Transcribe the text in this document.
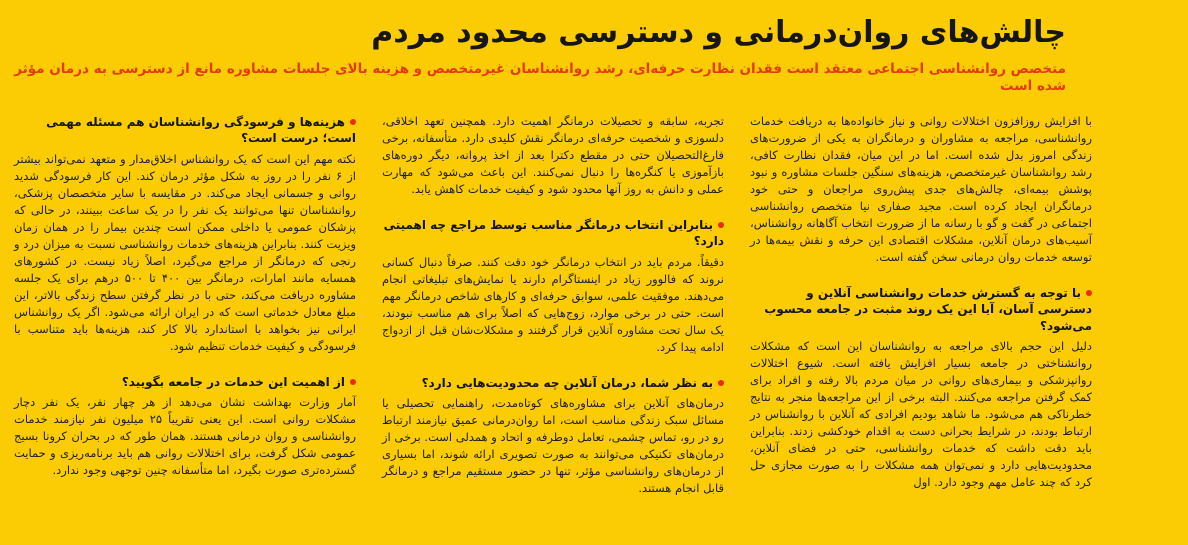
چالش‌های روان‌درمانی و دسترسی محدود مردم

متخصص روانشناسی اجتماعی معتقد است فقدان نظارت حرفه‌ای، رشد روانشناسان غیرمتخصص و هزینه بالای جلسات مشاوره مانع از دسترسی به درمان مؤثر شده است

با افزایش روزافزون اختلالات روانی و نیاز خانواده‌ها به دریافت خدمات روانشناسی، مراجعه به مشاوران و درمانگران به یکی از ضرورت‌های زندگی امروز بدل شده است. اما در این میان، فقدان نظارت کافی، رشد روانشناسان غیرمتخصص، هزینه‌های سنگین جلسات مشاوره و نبود پوشش بیمه‌ای، چالش‌های جدی پیش‌روی مراجعان و حتی خود درمانگران ایجاد کرده است. مجید صفاری نیا متخصص روانشناسی اجتماعی در گفت و گو با رسانه ما از ضرورت انتخاب آگاهانه روانشناس، آسیب‌های درمان آنلاین، مشکلات اقتصادی این حرفه و نقش بیمه‌ها در توسعه خدمات روان درمانی سخن گفته است.

با توجه به گسترش خدمات روانشناسی آنلاین و دسترسی آسان، آیا این یک روند مثبت در جامعه محسوب می‌شود؟

دلیل این حجم بالای مراجعه به روانشناسان این است که مشکلات روانشناختی در جامعه بسیار افزایش یافته است. شیوع اختلالات روانپزشکی و بیماری‌های روانی در میان مردم بالا رفته و افراد برای کمک گرفتن مراجعه می‌کنند. البته برخی از این مراجعه‌ها منجر به نتایج خطرناکی هم می‌شود. ما شاهد بودیم افرادی که آنلاین با روانشناس در ارتباط بودند، در شرایط بحرانی دست به اقدام خودکشی زدند. بنابراین باید دقت داشت که خدمات روانشناسی، حتی در فضای آنلاین، محدودیت‌هایی دارد و نمی‌توان همه مشکلات را به صورت مجازی حل کرد که چند عامل مهم وجود دارد. اول

تجربه، سابقه و تحصیلات درمانگر اهمیت دارد. همچنین تعهد اخلاقی، دلسوزی و شخصیت حرفه‌ای درمانگر نقش کلیدی دارد. متأسفانه، برخی فارغ‌التحصیلان حتی در مقطع دکترا بعد از اخذ پروانه، دیگر دوره‌های بازآموزی یا کنگره‌ها را دنبال نمی‌کنند. این باعث می‌شود که مهارت عملی و دانش به روز آنها محدود شود و کیفیت خدمات کاهش یابد.

بنابراین انتخاب درمانگر مناسب توسط مراجع چه اهمیتی دارد؟

دقیقاً. مردم باید در انتخاب درمانگر خود دقت کنند. صرفاً دنبال کسانی نروند که فالوور زیاد در اینستاگرام دارند یا نمایش‌های تبلیغاتی انجام می‌دهند. موفقیت علمی، سوابق حرفه‌ای و کارهای شاخص درمانگر مهم است. حتی در برخی موارد، زوج‌هایی که اصلاً برای هم مناسب نبودند، یک سال تحت مشاوره آنلاین قرار گرفتند و مشکلات‌شان قبل از ازدواج ادامه پیدا کرد.

به نظر شما، درمان آنلاین چه محدودیت‌هایی دارد؟

درمان‌های آنلاین برای مشاوره‌های کوتاه‌مدت، راهنمایی تحصیلی یا مسائل سبک زندگی مناسب است، اما روان‌درمانی عمیق نیازمند ارتباط رو در رو، تماس چشمی، تعامل دوطرفه و اتحاد و همدلی است. برخی از درمان‌های تکنیکی می‌توانند به صورت تصویری ارائه شوند، اما بسیاری از درمان‌های روانشناسی مؤثر، تنها در حضور مستقیم مراجع و درمانگر قابل انجام هستند.

هزینه‌ها و فرسودگی روانشناسان هم مسئله مهمی است؛ درست است؟

نکته مهم این است که یک روانشناس اخلاق‌مدار و متعهد نمی‌تواند بیشتر از ۶ نفر را در روز به شکل مؤثر درمان کند. این کار فرسودگی شدید روانی و جسمانی ایجاد می‌کند. در مقایسه با سایر متخصصان پزشکی، روانشناسان تنها می‌توانند یک نفر را در یک ساعت ببینند، در حالی که پزشکان عمومی یا داخلی ممکن است چندین بیمار را در همان زمان ویزیت کنند. بنابراین هزینه‌های خدمات روانشناسی نسبت به میزان درد و رنجی که درمانگر از مراجع می‌گیرد، اصلاً زیاد نیست. در کشورهای همسایه مانند امارات، درمانگر بین ۴۰۰ تا ۵۰۰ درهم برای یک جلسه مشاوره دریافت می‌کند، حتی با در نظر گرفتن سطح زندگی بالاتر، این مبلغ معادل خدماتی است که در ایران ارائه می‌شود. اگر یک روانشناس ایرانی نیز بخواهد با استاندارد بالا کار کند، هزینه‌ها باید متناسب با فرسودگی و کیفیت خدمات تنظیم شود.

از اهمیت این خدمات در جامعه بگویید؟

آمار وزارت بهداشت نشان می‌دهد از هر چهار نفر، یک نفر دچار مشکلات روانی است. این یعنی تقریباً ۲۵ میلیون نفر نیازمند خدمات روانشناسی و روان درمانی هستند. همان طور که در بحران کرونا بسیج عمومی شکل گرفت، برای اختلالات روانی هم باید برنامه‌ریزی و حمایت گسترده‌تری صورت بگیرد، اما متأسفانه چنین توجهی وجود ندارد.
